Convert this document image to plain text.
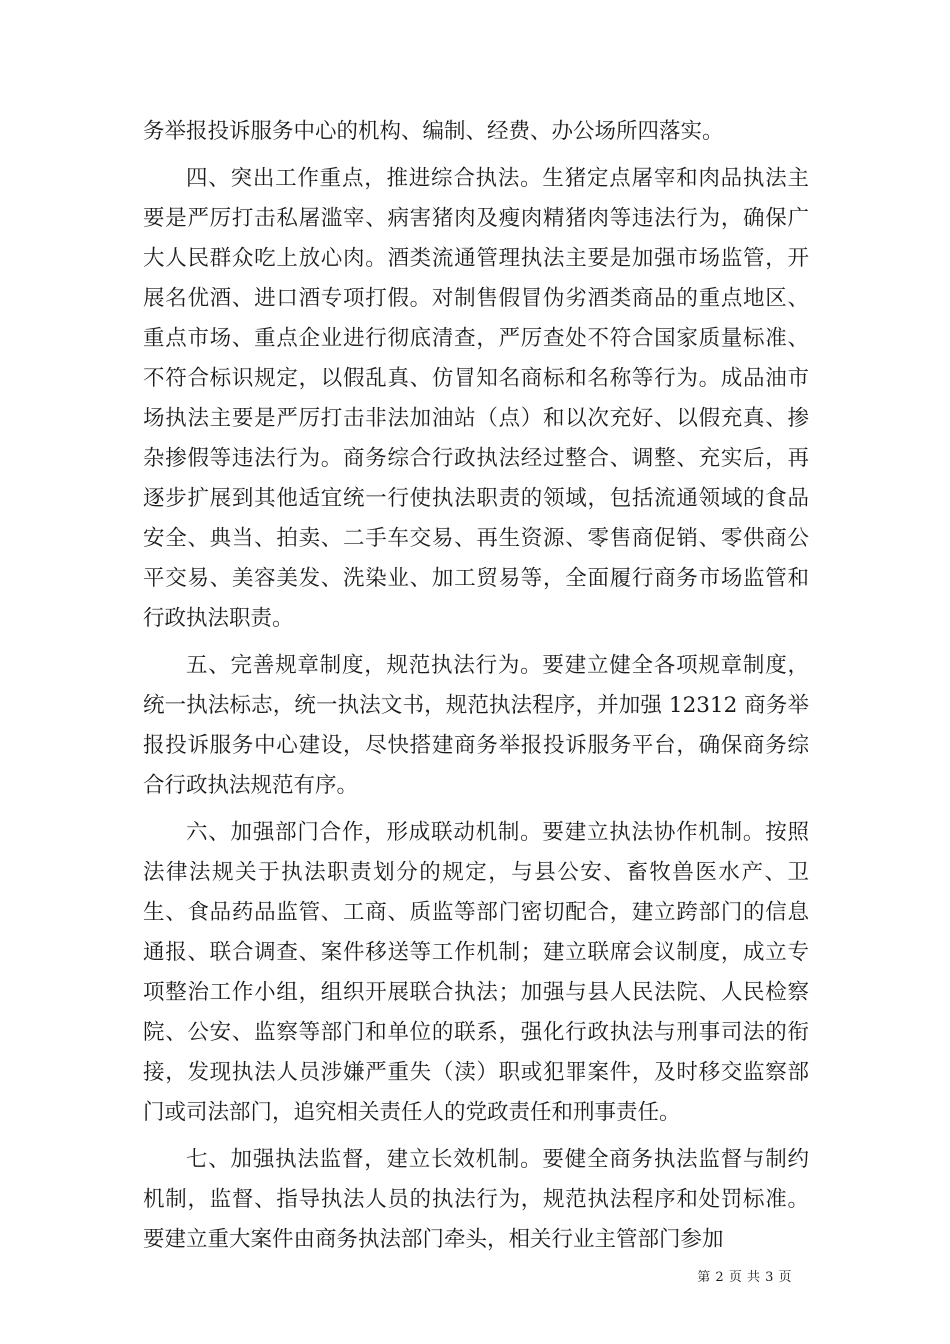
务举报投诉服务中心的机构、编制、经费、办公场所四落实。

四、突出工作重点，推进综合执法。生猪定点屠宰和肉品执法主要是严厉打击私屠滥宰、病害猪肉及瘦肉精猪肉等违法行为，确保广大人民群众吃上放心肉。酒类流通管理执法主要是加强市场监管，开展名优酒、进口酒专项打假。对制售假冒伪劣酒类商品的重点地区、重点市场、重点企业进行彻底清查，严厉查处不符合国家质量标准、不符合标识规定，以假乱真、仿冒知名商标和名称等行为。成品油市场执法主要是严厉打击非法加油站（点）和以次充好、以假充真、掺杂掺假等违法行为。商务综合行政执法经过整合、调整、充实后，再逐步扩展到其他适宜统一行使执法职责的领域，包括流通领域的食品安全、典当、拍卖、二手车交易、再生资源、零售商促销、零供商公平交易、美容美发、洗染业、加工贸易等，全面履行商务市场监管和行政执法职责。

五、完善规章制度，规范执法行为。要建立健全各项规章制度，统一执法标志，统一执法文书，规范执法程序，并加强 12312 商务举报投诉服务中心建设，尽快搭建商务举报投诉服务平台，确保商务综合行政执法规范有序。

六、加强部门合作，形成联动机制。要建立执法协作机制。按照法律法规关于执法职责划分的规定，与县公安、畜牧兽医水产、卫生、食品药品监管、工商、质监等部门密切配合，建立跨部门的信息通报、联合调查、案件移送等工作机制；建立联席会议制度，成立专项整治工作小组，组织开展联合执法；加强与县人民法院、人民检察院、公安、监察等部门和单位的联系，强化行政执法与刑事司法的衔接，发现执法人员涉嫌严重失（渎）职或犯罪案件，及时移交监察部门或司法部门，追究相关责任人的党政责任和刑事责任。

七、加强执法监督，建立长效机制。要健全商务执法监督与制约机制，监督、指导执法人员的执法行为，规范执法程序和处罚标准。要建立重大案件由商务执法部门牵头，相关行业主管部门参加

第 2 页 共 3 页
